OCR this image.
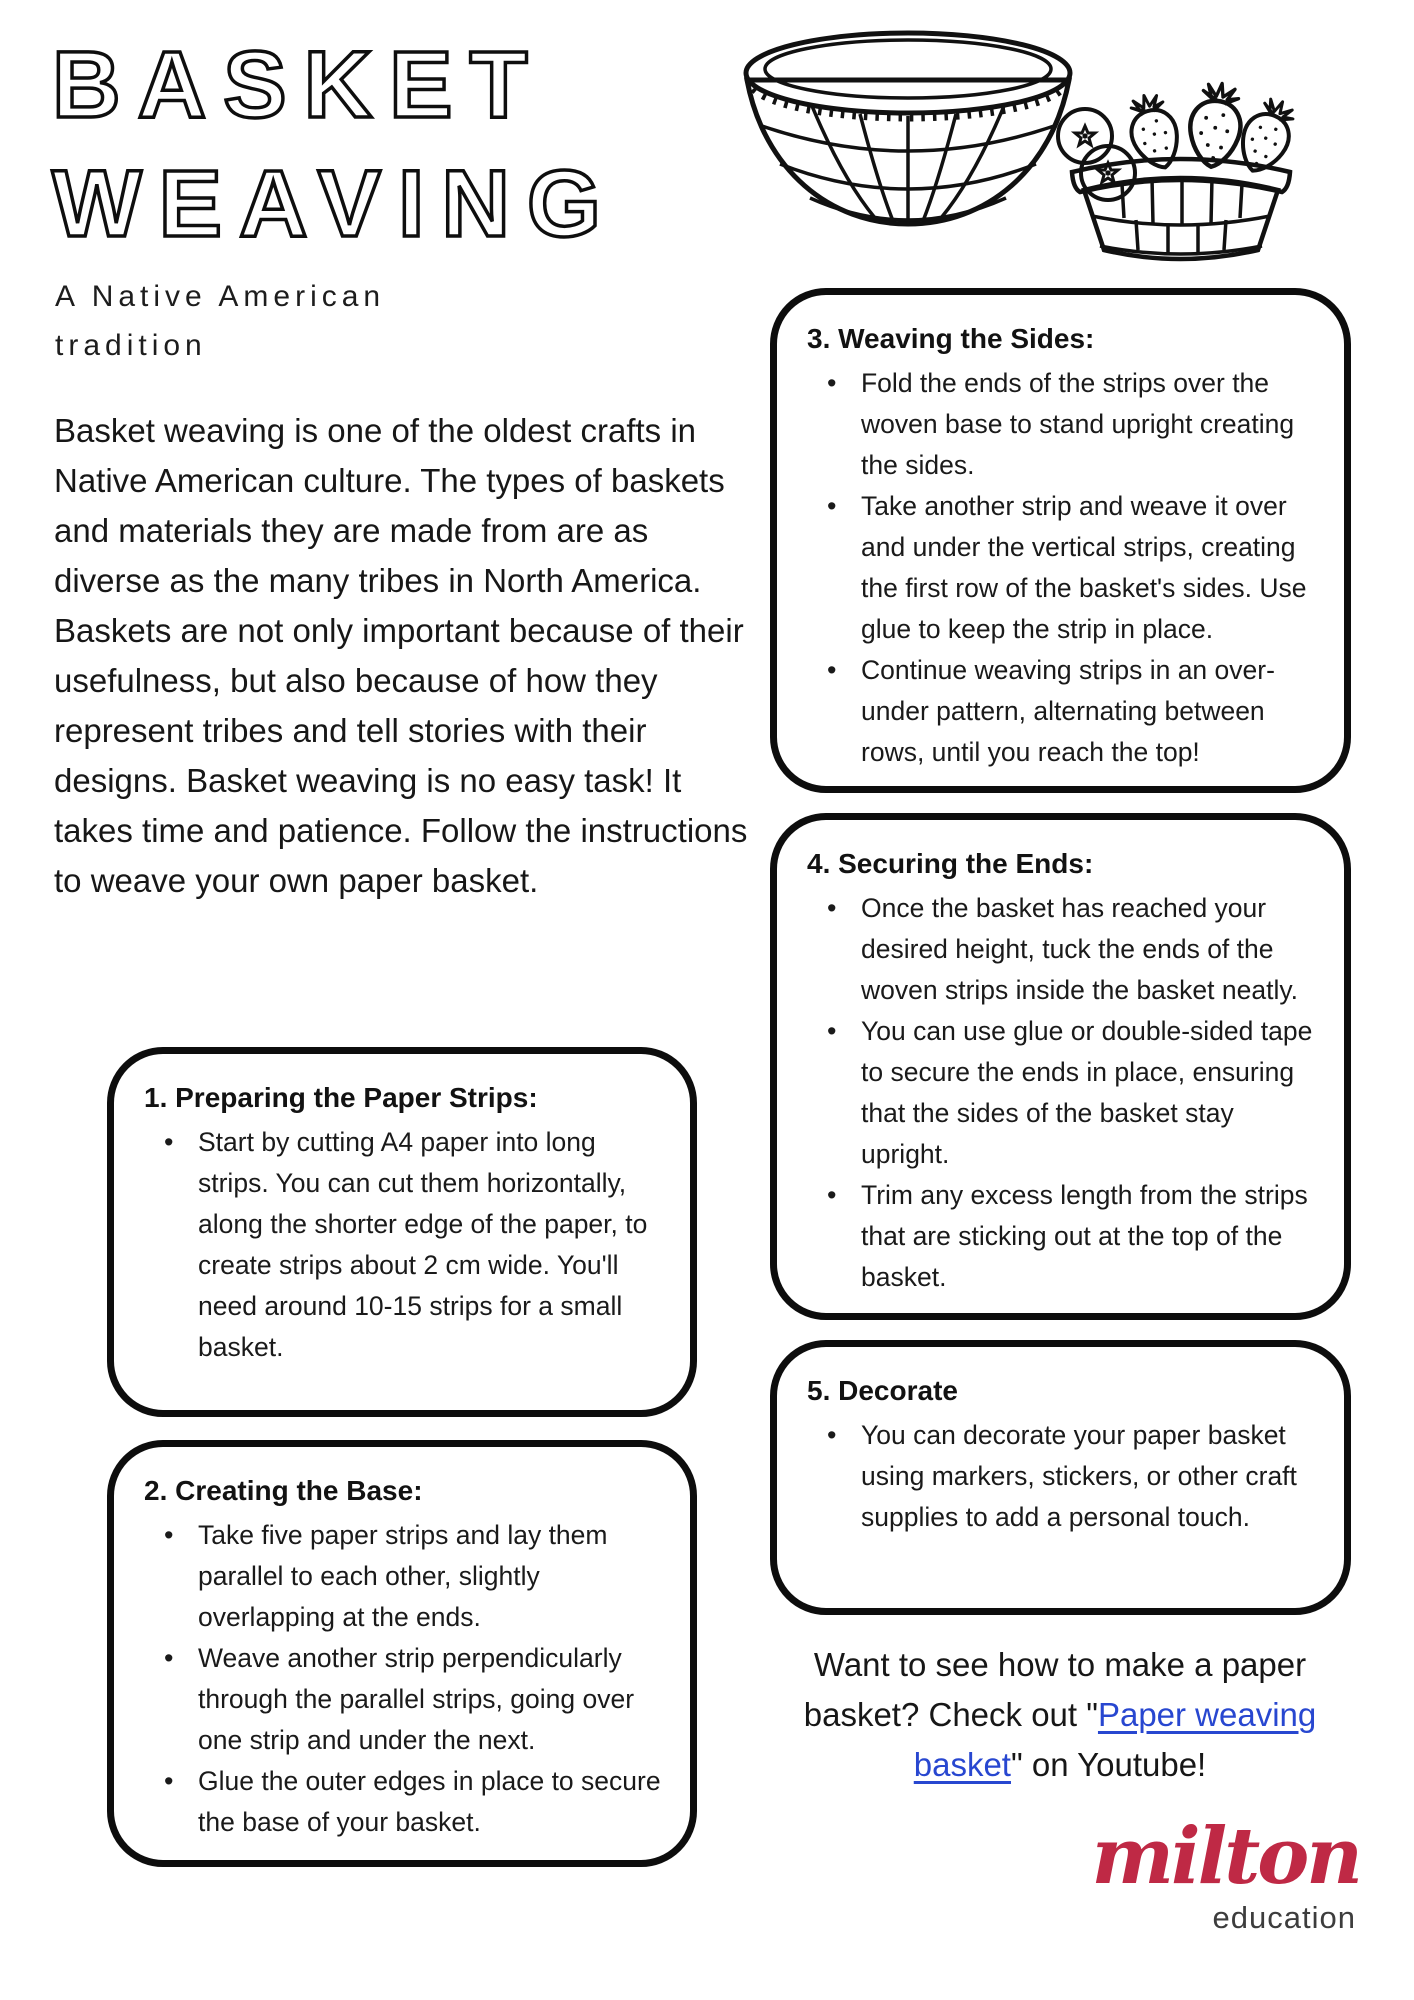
BASKET
WEAVING
A Native American
tradition

Basket weaving is one of the oldest crafts in Native American culture. The types of baskets and materials they are made from are as diverse as the many tribes in North America. Baskets are not only important because of their usefulness, but also because of how they represent tribes and tell stories with their designs. Basket weaving is no easy task! It takes time and patience. Follow the instructions to weave your own paper basket.

1. Preparing the Paper Strips:
• Start by cutting A4 paper into long strips. You can cut them horizontally, along the shorter edge of the paper, to create strips about 2 cm wide. You'll need around 10-15 strips for a small basket.
2. Creating the Base:
• Take five paper strips and lay them parallel to each other, slightly overlapping at the ends.
• Weave another strip perpendicularly through the parallel strips, going over one strip and under the next.
• Glue the outer edges in place to secure the base of your basket.
3. Weaving the Sides:
• Fold the ends of the strips over the woven base to stand upright creating the sides.
• Take another strip and weave it over and under the vertical strips, creating the first row of the basket's sides. Use glue to keep the strip in place.
• Continue weaving strips in an over-under pattern, alternating between rows, until you reach the top!
4. Securing the Ends:
• Once the basket has reached your desired height, tuck the ends of the woven strips inside the basket neatly.
• You can use glue or double-sided tape to secure the ends in place, ensuring that the sides of the basket stay upright.
• Trim any excess length from the strips that are sticking out at the top of the basket.
5. Decorate
• You can decorate your paper basket using markers, stickers, or other craft supplies to add a personal touch.

Want to see how to make a paper basket? Check out "Paper weaving basket" on Youtube!

milton
education
